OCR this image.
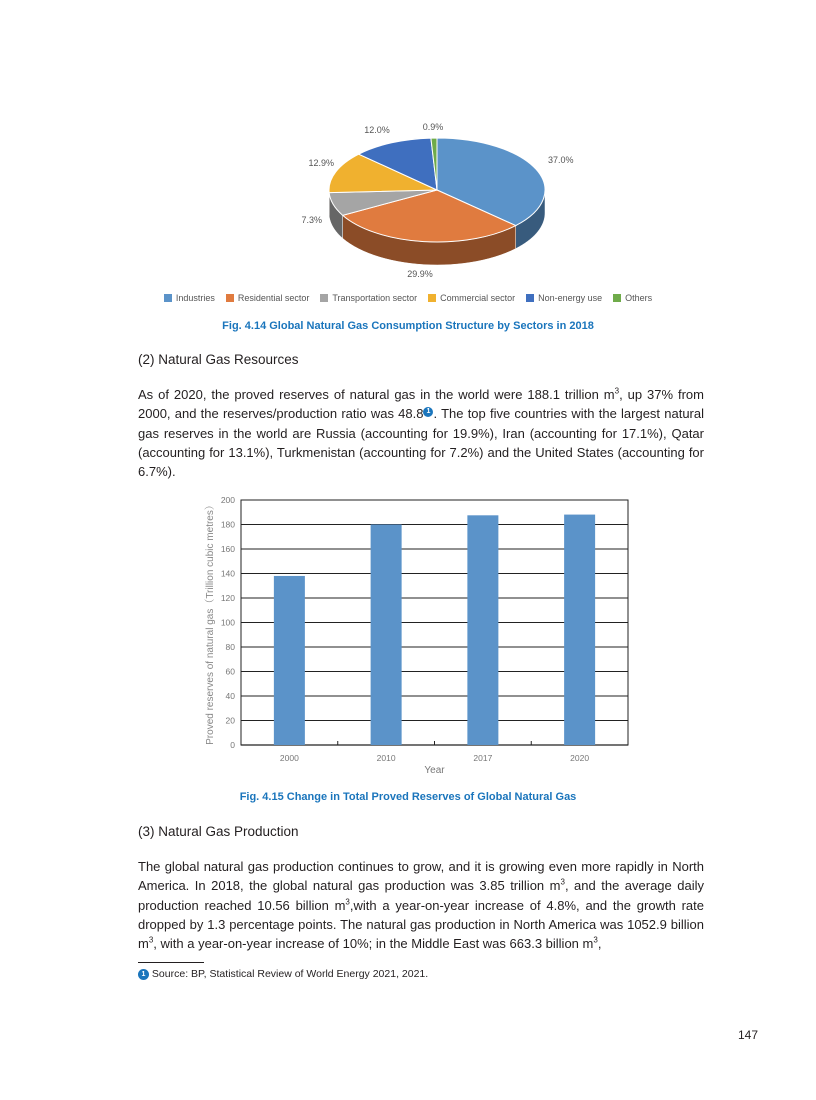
37.0%
29.9%
7.3%
12.9%
12.0%	0.9%
Industries	Residential sector	Transportation sector	Commercial sector	Non-energy use	Others
Fig. 4.14 Global Natural Gas Consumption Structure by Sectors in 2018
(2) Natural Gas Resources
As of 2020, the proved reserves of natural gas in the world were 188.1 trillion $m^3$, up 37% from 2000, and the reserves/production ratio was 48.8 1 . The top five countries with the largest natural gas reserves in the world are Russia (accounting for 19.9%), Iran (accounting for 17.1%), Qatar (accounting for 13.1%), Turkmenistan (accounting for 7.2%) and the United States (accounting for 6.7%).
0
20
40
60
80
100
120
140
160
180
200
2000	2010	2017	2020
Year
Proved reserves of natural gas（Trillion cubic metres）
Fig. 4.15 Change in Total Proved Reserves of Global Natural Gas
(3) Natural Gas Production
The global natural gas production continues to grow, and it is growing even more rapidly in North America. In 2018, the global natural gas production was 3.85 trillion $m^3$, and the average daily production reached 10.56 billion $m^3,with$ a year-on-year increase of 4.8%, and the growth rate dropped by 1.3 percentage points. The natural gas production in North America was 1052.9 billion $m^3$, with a year-on-year increase of 10%; in the Middle East was 663.3 billion $m^3$,
1 Source: BP, Statistical Review of World Energy 2021, 2021.
147
